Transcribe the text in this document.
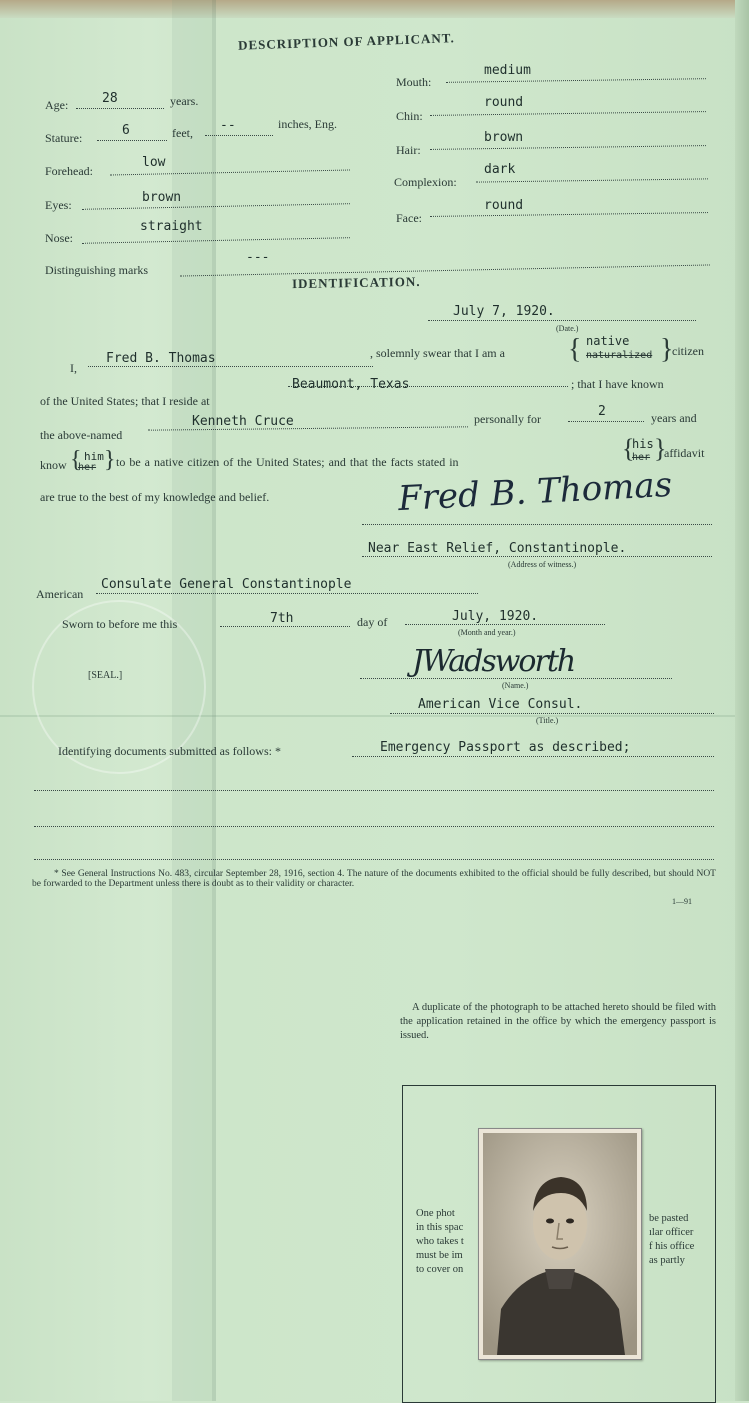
DESCRIPTION OF APPLICANT.
Age:	28	years.
Stature:	6	feet, --	inches, Eng.
Forehead:
low
Eyes:	brown
Nose:
straight
Distinguishing marks
---
Mouth:
medium
Chin:
round
Hair:
brown
Complexion:
dark
Face:
round
IDENTIFICATION.
July 7, 1920.
(Date.)
I,
Fred B. Thomas	, solemnly swear that I am a { native
naturalized }
citizen
of the United States; that I reside at
Beaumont, Texas	; that I have known
the above-named
Kenneth Cruce	personally for	2	years and
know { him
her } to be a native citizen of the United States; and that the facts stated in	{
his
her }
affidavit
are true to the best of my knowledge and belief.	Fred B. Thomas
Near East Relief, Constantinople.
(Address of witness.)
American
Consulate General Constantinople
Sworn to before me this	7th	day of	July, 1920.
(Month and year.)
[SEAL.]	JWadsworth
(Name.)
American Vice Consul.
(Title.)
Identifying documents submitted as follows: *	Emergency Passport as described;
* See General Instructions No. 483, circular September 28, 1916, section 4. The nature of the documents exhibited to the official should be fully described, but should NOT be forwarded to the Department unless there is doubt as to their validity or character.
1—91
A duplicate of the photograph to be attached hereto should be filed with the application retained in the office by which the emergency passport is issued.
One phot
in this spac
who takes t
must be im
to cover on
be pasted
ılar officer
f his office
as partly
